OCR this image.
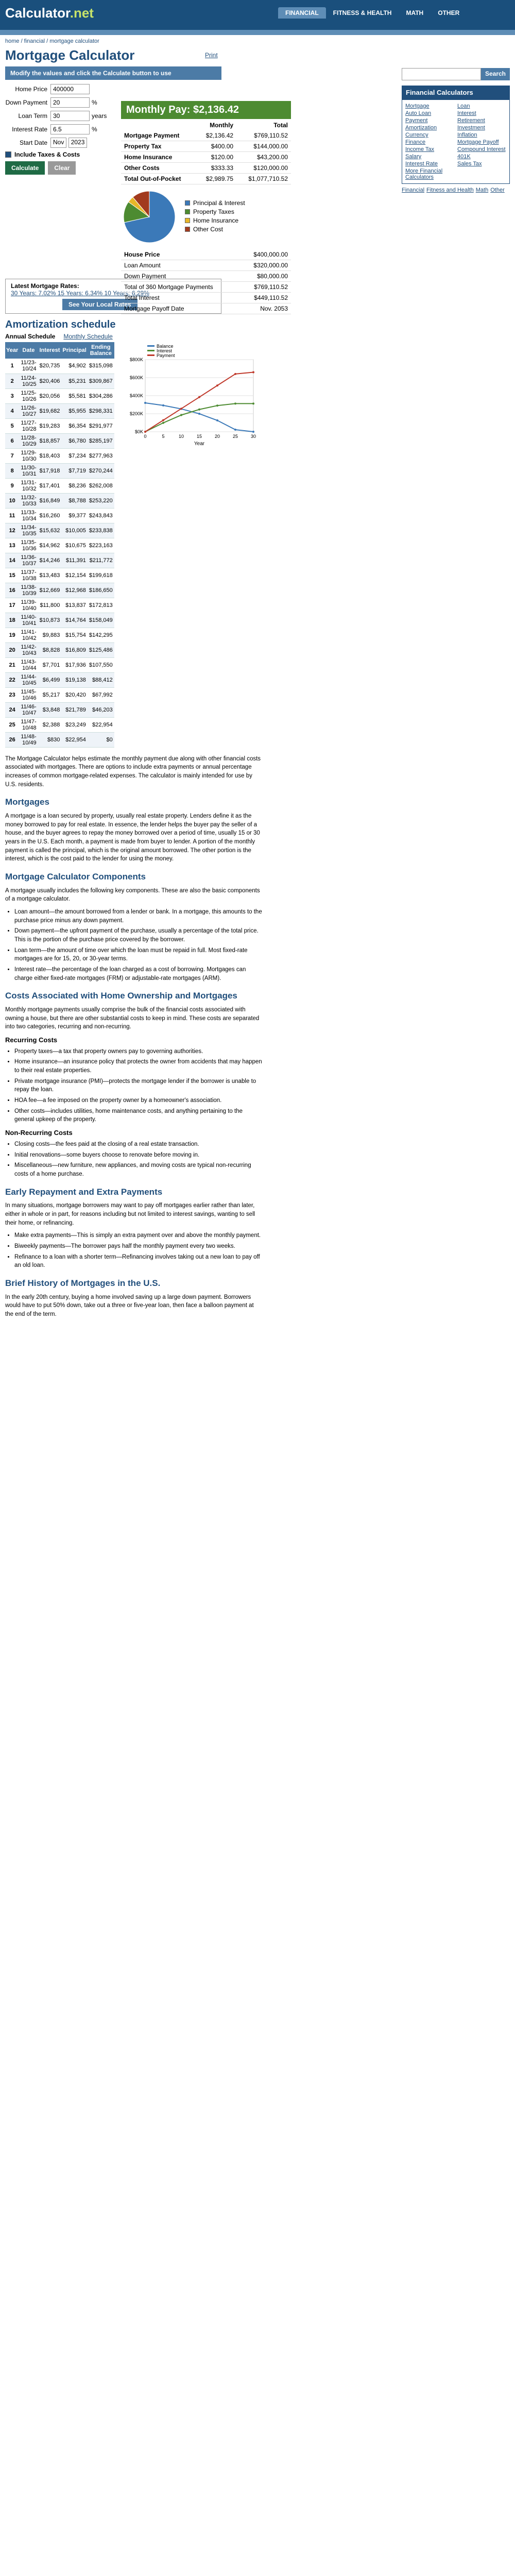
Calculator.net	FINANCIAL	FITNESS & HEALTH	MATH	OTHER
home / financial / mortgage calculator
Mortgage Calculator	Print
Modify the values and click the Calculate button to use
Home Price 400000
Down Payment 20	%
Loan Term 30	years
Interest Rate 6.5	%
Start Date Nov
	2023
Include Taxes & Costs
Calculate	Clear
Monthly Pay: $2,136.42
	Monthly	Total
Mortgage Payment	$2,136.42	$769,110.52
Property Tax	$400.00	$144,000.00
Home Insurance	$120.00	$43,200.00
Other Costs	$333.33	$120,000.00
Total Out-of-Pocket	$2,989.75	$1,077,710.52
Principal & Interest
Property Taxes
Home Insurance
Other Cost
House Price	$400,000.00
Loan Amount	$320,000.00
Down Payment	$80,000.00
Total of 360 Mortgage Payments	$769,110.52
Total Interest	$449,110.52
Mortgage Payoff Date	Nov. 2053
Latest Mortgage Rates:
30 Years: 7.02% 15 Years: 6.34% 10 Years: 6.29%
See Your Local Rates
Amortization schedule
Annual Schedule Monthly Schedule
Year	Date	Interest	Principal	Ending Balance
1	11/23-10/24	$20,735	$4,902	$315,098
2	11/24-10/25	$20,406	$5,231	$309,867
3	11/25-10/26	$20,056	$5,581	$304,286
4	11/26-10/27	$19,682	$5,955	$298,331
5	11/27-10/28	$19,283	$6,354	$291,977
6	11/28-10/29	$18,857	$6,780	$285,197
7	11/29-10/30	$18,403	$7,234	$277,963
8	11/30-10/31	$17,918	$7,719	$270,244
9	11/31-10/32	$17,401	$8,236	$262,008
10	11/32-10/33	$16,849	$8,788	$253,220
11	11/33-10/34	$16,260	$9,377	$243,843
12	11/34-10/35	$15,632	$10,005	$233,838
13	11/35-10/36	$14,962	$10,675	$223,163
14	11/36-10/37	$14,246	$11,391	$211,772
15	11/37-10/38	$13,483	$12,154	$199,618
16	11/38-10/39	$12,669	$12,968	$186,650
17	11/39-10/40	$11,800	$13,837	$172,813
18	11/40-10/41	$10,873	$14,764	$158,049
19	11/41-10/42	$9,883	$15,754	$142,295
20	11/42-10/43	$8,828	$16,809	$125,486
21	11/43-10/44	$7,701	$17,936	$107,550
22	11/44-10/45	$6,499	$19,138	$88,412
23	11/45-10/46	$5,217	$20,420	$67,992
24	11/46-10/47	$3,848	$21,789	$46,203
25	11/47-10/48	$2,388	$23,249	$22,954
26	11/48-10/49	$830	$22,954	$0
$800K
$600K
$400K
$200K
$0K
0	5	10	15	20	25	30
Year
Balance
Interest
Payment

The Mortgage Calculator helps estimate the monthly payment due along with other financial costs associated with mortgages. There are options to include extra payments or annual percentage increases of common mortgage-related expenses. The calculator is mainly intended for use by U.S. residents.

Mortgages

A mortgage is a loan secured by property, usually real estate property. Lenders define it as the money borrowed to pay for real estate. In essence, the lender helps the buyer pay the seller of a house, and the buyer agrees to repay the money borrowed over a period of time, usually 15 or 30 years in the U.S. Each month, a payment is made from buyer to lender. A portion of the monthly payment is called the principal, which is the original amount borrowed. The other portion is the interest, which is the cost paid to the lender for using the money.

Mortgage Calculator Components

A mortgage usually includes the following key components. These are also the basic components of a mortgage calculator.

• Loan amount—the amount borrowed from a lender or bank. In a mortgage, this amounts to the purchase price minus any down payment.
• Down payment—the upfront payment of the purchase, usually a percentage of the total price. This is the portion of the purchase price covered by the borrower.
• Loan term—the amount of time over which the loan must be repaid in full. Most fixed-rate mortgages are for 15, 20, or 30-year terms.
• Interest rate—the percentage of the loan charged as a cost of borrowing. Mortgages can charge either fixed-rate mortgages (FRM) or adjustable-rate mortgages (ARM).
Costs Associated with Home Ownership and Mortgages

Monthly mortgage payments usually comprise the bulk of the financial costs associated with owning a house, but there are other substantial costs to keep in mind. These costs are separated into two categories, recurring and non-recurring.

Recurring Costs
• Property taxes—a tax that property owners pay to governing authorities.
• Home insurance—an insurance policy that protects the owner from accidents that may happen to their real estate properties.
• Private mortgage insurance (PMI)—protects the mortgage lender if the borrower is unable to repay the loan.
• HOA fee—a fee imposed on the property owner by a homeowner's association.
• Other costs—includes utilities, home maintenance costs, and anything pertaining to the general upkeep of the property.
Non-Recurring Costs
• Closing costs—the fees paid at the closing of a real estate transaction.
• Initial renovations—some buyers choose to renovate before moving in.
• Miscellaneous—new furniture, new appliances, and moving costs are typical non-recurring costs of a home purchase.
Early Repayment and Extra Payments

In many situations, mortgage borrowers may want to pay off mortgages earlier rather than later, either in whole or in part, for reasons including but not limited to interest savings, wanting to sell their home, or refinancing.

• Make extra payments—This is simply an extra payment over and above the monthly payment.
• Biweekly payments—The borrower pays half the monthly payment every two weeks.
• Refinance to a loan with a shorter term—Refinancing involves taking out a new loan to pay off an old loan.
Brief History of Mortgages in the U.S.

In the early 20th century, buying a home involved saving up a large down payment. Borrowers would have to put 50% down, take out a three or five-year loan, then face a balloon payment at the end of the term.

Search
Financial Calculators
Mortgage	Loan
Auto Loan	Interest
Payment	Retirement
Amortization	Investment
Currency	Inflation
Finance	Mortgage Payoff
Income Tax	Compound Interest
Salary	401K
Interest Rate	Sales Tax
More Financial Calculators
Financial Fitness and Health Math Other
